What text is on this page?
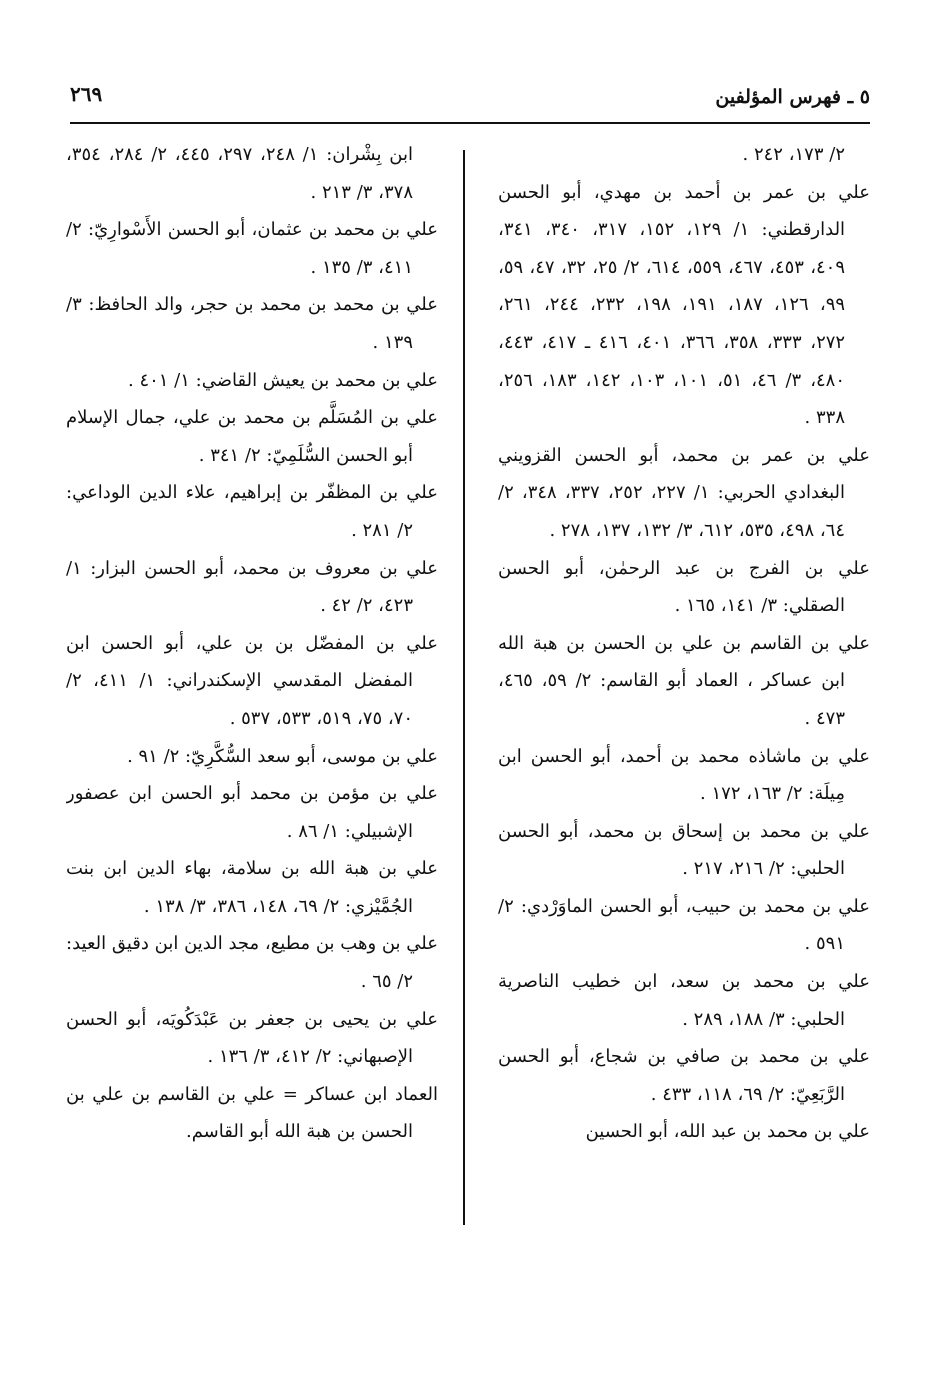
٥ ـ فهرس المؤلفين
٢٦٩

٢/ ١٧٣، ٢٤٢ .

علي بن عمر بن أحمد بن مهدي، أبو الحسن الدارقطني: ١/ ١٢٩، ١٥٢، ٣١٧، ٣٤٠، ٣٤١، ٤٠٩، ٤٥٣، ٤٦٧، ٥٥٩، ٦١٤، ٢/ ٢٥، ٣٢، ٤٧، ٥٩، ٩٩، ١٢٦، ١٨٧، ١٩١، ١٩٨، ٢٣٢، ٢٤٤، ٢٦١، ٢٧٢، ٣٣٣، ٣٥٨، ٣٦٦، ٤٠١، ٤١٦ ـ ٤١٧، ٤٤٣، ٤٨٠، ٣/ ٤٦، ٥١، ١٠١، ١٠٣، ١٤٢، ١٨٣، ٢٥٦، ٣٣٨ .

علي بن عمر بن محمد، أبو الحسن القزويني البغدادي الحربي: ١/ ٢٢٧، ٢٥٢، ٣٣٧، ٣٤٨، ٢/ ٦٤، ٤٩٨، ٥٣٥، ٦١٢، ٣/ ١٣٢، ١٣٧، ٢٧٨ .

علي بن الفرج بن عبد الرحمٰن، أبو الحسن الصقلي: ٣/ ١٤١، ١٦٥ .

علي بن القاسم بن علي بن الحسن بن هبة الله ابن عساكر ، العماد أبو القاسم: ٢/ ٥٩، ٤٦٥، ٤٧٣ .

علي بن ماشاذه محمد بن أحمد، أبو الحسن ابن مِيلَة: ٢/ ١٦٣، ١٧٢ .

علي بن محمد بن إسحاق بن محمد، أبو الحسن الحلبي: ٢/ ٢١٦، ٢١٧ .

علي بن محمد بن حبيب، أبو الحسن الماوَرْدي: ٢/ ٥٩١ .

علي بن محمد بن سعد، ابن خطيب الناصرية الحلبي: ٣/ ١٨٨، ٢٨٩ .

علي بن محمد بن صافي بن شجاع، أبو الحسن الرَّبَعِيّ: ٢/ ٦٩، ١١٨، ٤٣٣ .

علي بن محمد بن عبد الله، أبو الحسين

ابن بِشْران: ١/ ٢٤٨، ٢٩٧، ٤٤٥، ٢/ ٢٨٤، ٣٥٤، ٣٧٨، ٣/ ٢١٣ .

علي بن محمد بن عثمان، أبو الحسن الأَسْوارِيّ: ٢/ ٤١١، ٣/ ١٣٥ .

علي بن محمد بن محمد بن حجر، والد الحافظ: ٣/ ١٣٩ .

علي بن محمد بن يعيش القاضي: ١/ ٤٠١ .

علي بن المُسَلَّم بن محمد بن علي، جمال الإسلام أبو الحسن السُّلَمِيّ: ٢/ ٣٤١ .

علي بن المظفّر بن إبراهيم، علاء الدين الوداعي: ٢/ ٢٨١ .

علي بن معروف بن محمد، أبو الحسن البزار: ١/ ٤٢٣، ٢/ ٤٢ .

علي بن المفضّل بن بن علي، أبو الحسن ابن المفضل المقدسي الإسكندراني: ١/ ٤١١، ٢/ ٧٠، ٧٥، ٥١٩، ٥٣٣، ٥٣٧ .

علي بن موسى، أبو سعد السُّكَّرِيّ: ٢/ ٩١ .

علي بن مؤمن بن محمد أبو الحسن ابن عصفور الإشبيلي: ١/ ٨٦ .

علي بن هبة الله بن سلامة، بهاء الدين ابن بنت الجُمَّيْزي: ٢/ ٦٩، ١٤٨، ٣٨٦، ٣/ ١٣٨ .

علي بن وهب بن مطيع، مجد الدين ابن دقيق العيد: ٢/ ٦٥ .

علي بن يحيى بن جعفر بن عَبْدَكُويَه، أبو الحسن الإصبهاني: ٢/ ٤١٢، ٣/ ١٣٦ .

العماد ابن عساكر = علي بن القاسم بن علي بن الحسن بن هبة الله أبو القاسم.
